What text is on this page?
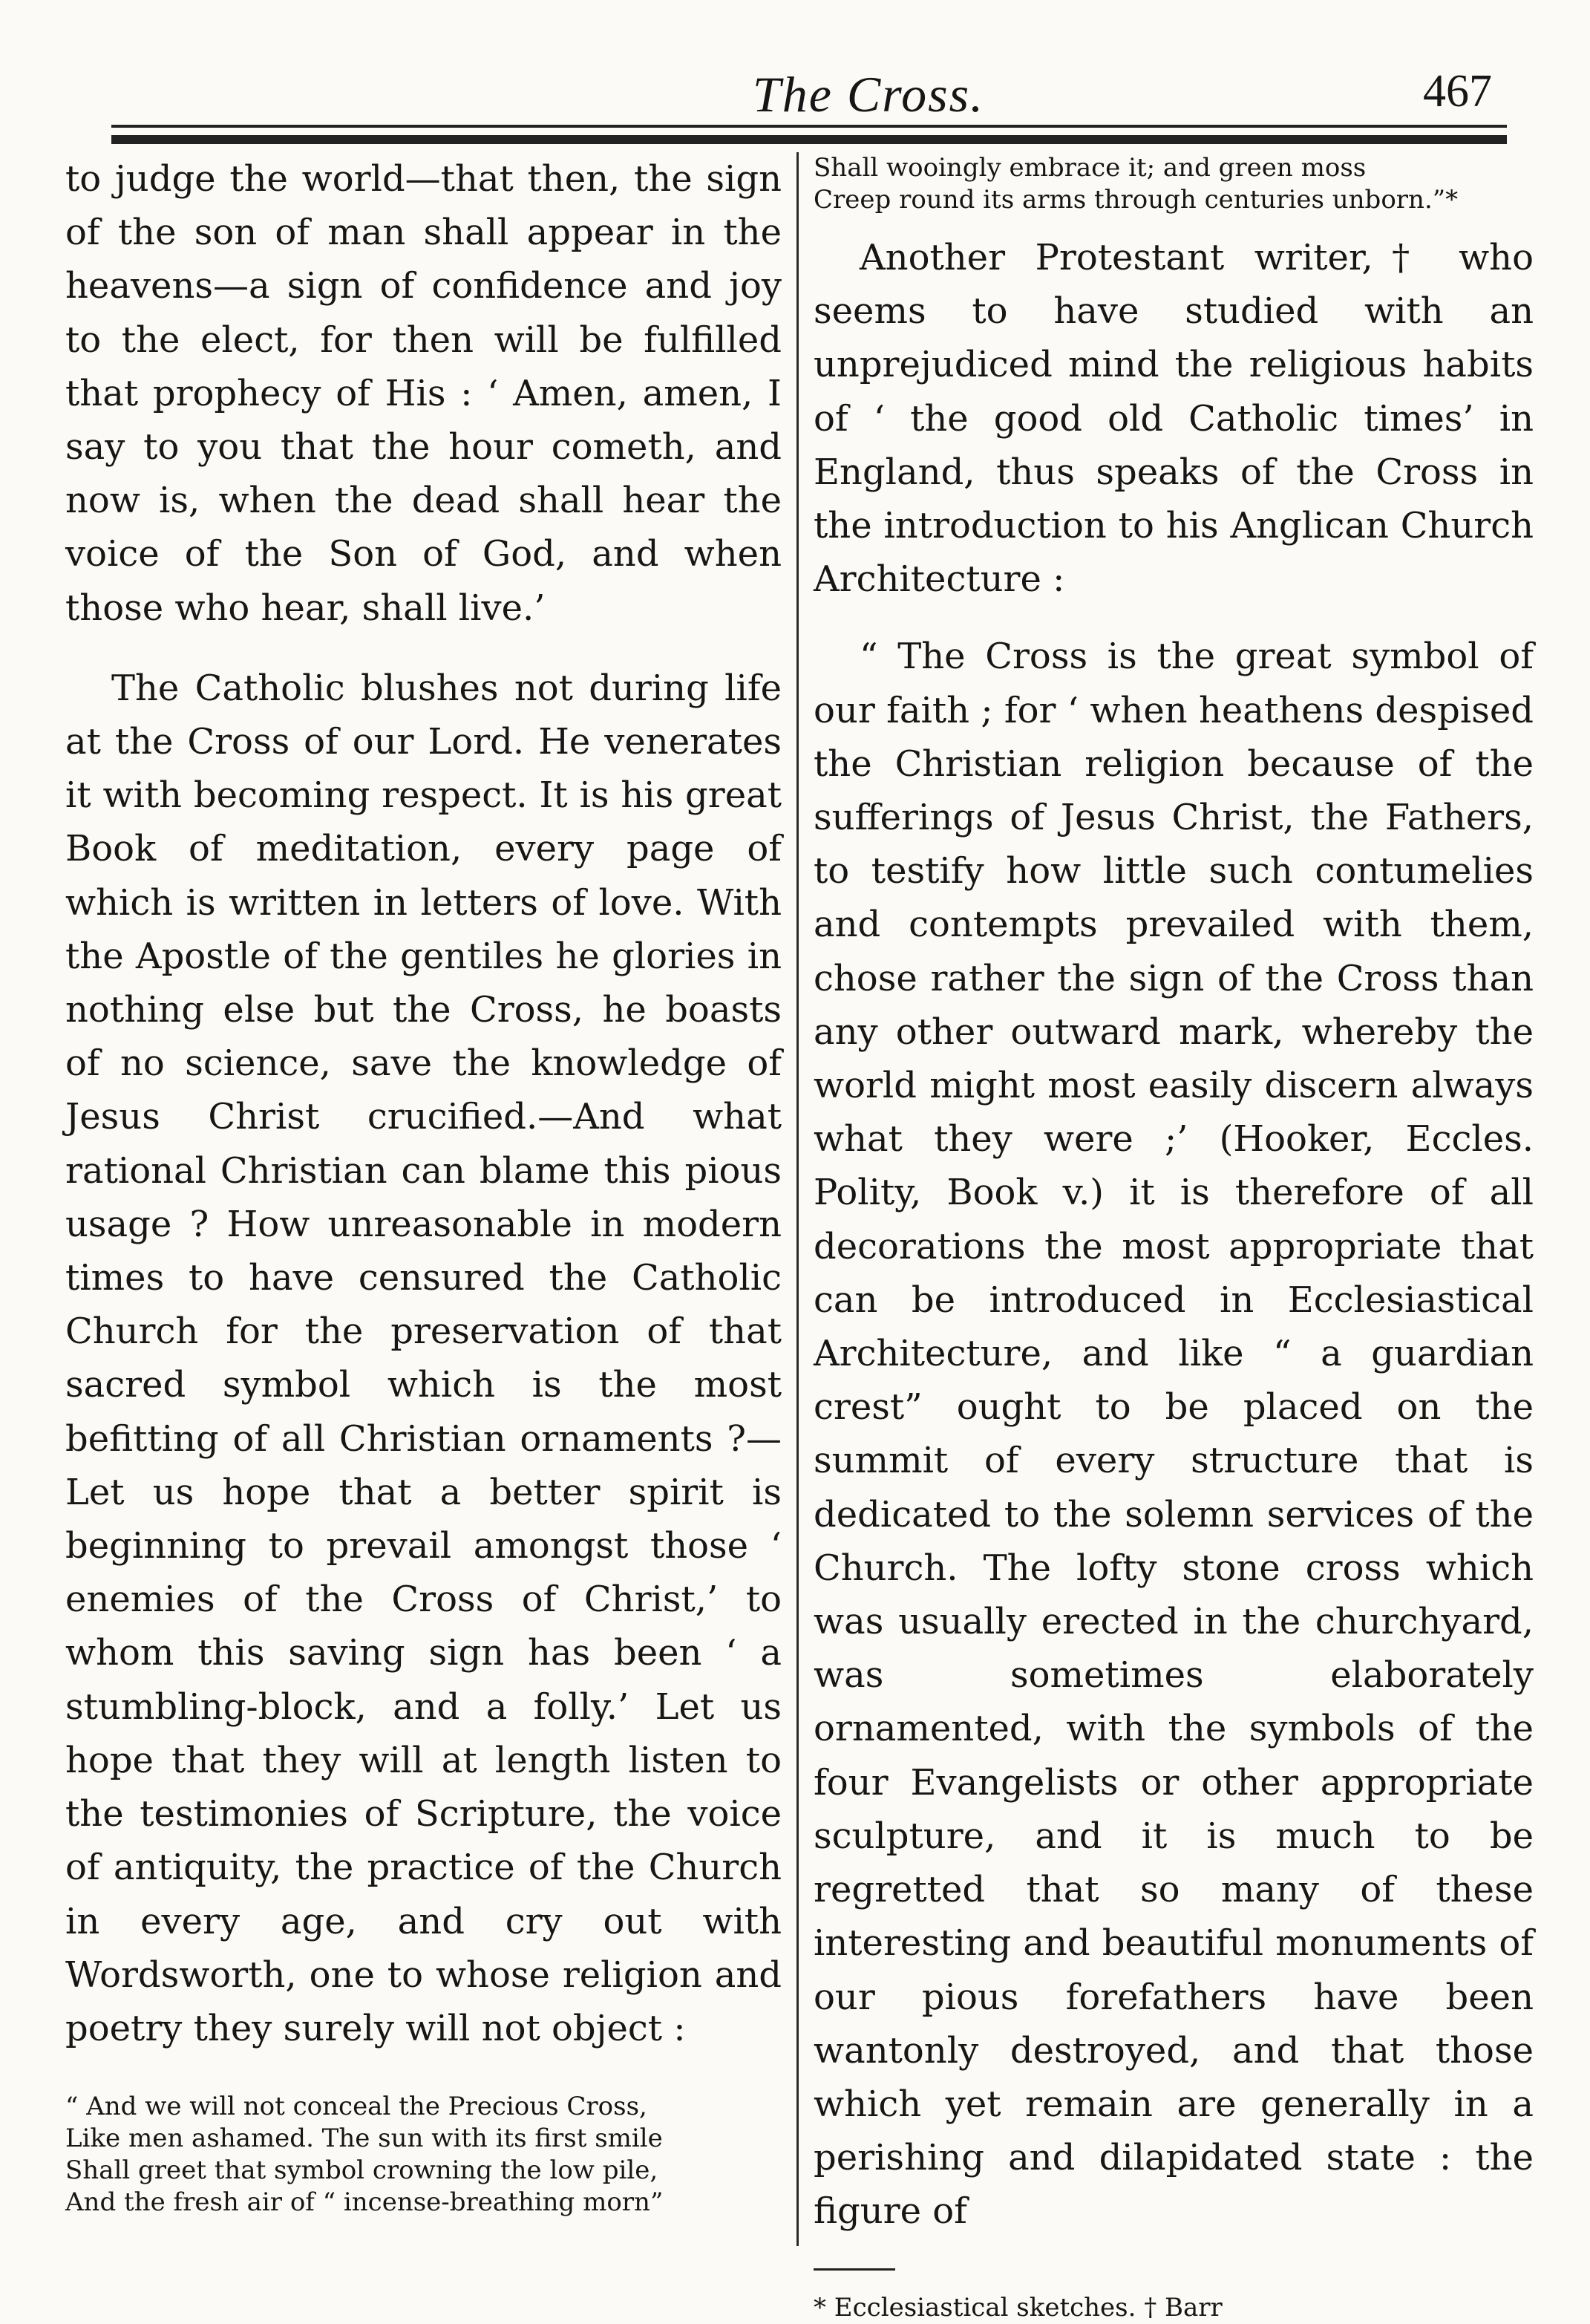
The Cross.	467

to judge the world—that then, the sign of the son of man shall appear in the heavens—a sign of confidence and joy to the elect, for then will be fulfilled that prophecy of His : ‘ Amen, amen, I say to you that the hour cometh, and now is, when the dead shall hear the voice of the Son of God, and when those who hear, shall live.’

The Catholic blushes not during life at the Cross of our Lord. He venerates it with becoming respect. It is his great Book of meditation, every page of which is written in letters of love. With the Apostle of the gentiles he glories in nothing else but the Cross, he boasts of no science, save the knowledge of Jesus Christ crucified.—And what rational Christian can blame this pious usage ? How unreasonable in modern times to have censured the Catholic Church for the preservation of that sacred symbol which is the most befitting of all Christian ornaments ?—Let us hope that a better spirit is beginning to prevail amongst those ‘ enemies of the Cross of Christ,’ to whom this saving sign has been ‘ a stumbling-block, and a folly.’ Let us hope that they will at length listen to the testimonies of Scripture, the voice of antiquity, the practice of the Church in every age, and cry out with Wordsworth, one to whose religion and poetry they surely will not object :

“ And we will not conceal the Precious Cross,
Like men ashamed. The sun with its first smile
Shall greet that symbol crowning the low pile,
And the fresh air of “ incense-breathing morn”
Shall wooingly embrace it; and green moss
Creep round its arms through centuries unborn.”*

Another Protestant writer,† who seems to have studied with an unprejudiced mind the religious habits of ‘ the good old Catholic times’ in England, thus speaks of the Cross in the introduction to his Anglican Church Architecture :

“ The Cross is the great symbol of our faith ; for ‘ when heathens despised the Christian religion because of the sufferings of Jesus Christ, the Fathers, to testify how little such contumelies and contempts prevailed with them, chose rather the sign of the Cross than any other outward mark, whereby the world might most easily discern always what they were ;’ (Hooker, Eccles. Polity, Book v.) it is therefore of all decorations the most appropriate that can be introduced in Ecclesiastical Architecture, and like “ a guardian crest” ought to be placed on the summit of every structure that is dedicated to the solemn services of the Church. The lofty stone cross which was usually erected in the churchyard, was sometimes elaborately ornamented, with the symbols of the four Evangelists or other appropriate sculpture, and it is much to be regretted that so many of these interesting and beautiful monuments of our pious forefathers have been wantonly destroyed, and that those which yet remain are generally in a perishing and dilapidated state : the figure of

* Ecclesiastical sketches. † Barr
